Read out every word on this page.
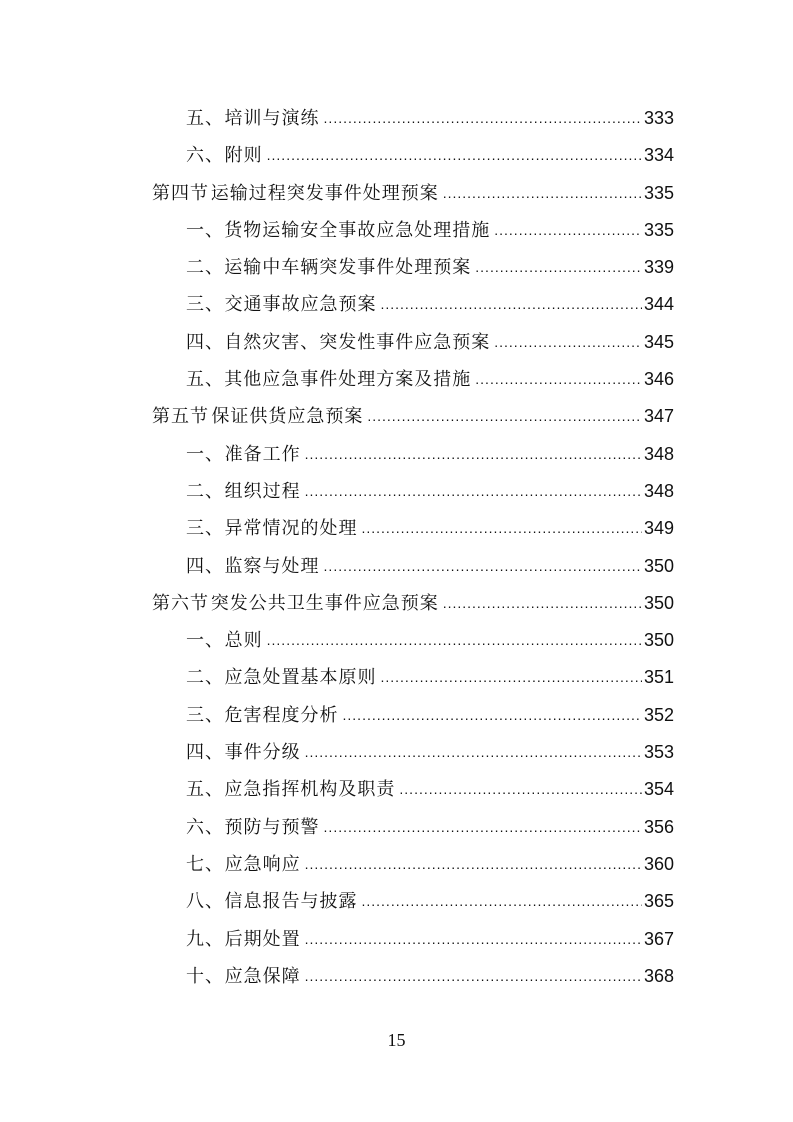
五、 培训与演练 .....	333
六、 附则 .....	334
第四节 运输过程突发事件处理预案 .....	335
一、 货物运输安全事故应急处理措施 .....	335
二、 运输中车辆突发事件处理预案 .....	339
三、 交通事故应急预案 .....	344
四、 自然灾害、突发性事件应急预案 .....	345
五、 其他应急事件处理方案及措施 .....	346
第五节 保证供货应急预案 .....	347
一、 准备工作 .....	348
二、 组织过程 .....	348
三、 异常情况的处理 .....	349
四、 监察与处理 .....	350
第六节 突发公共卫生事件应急预案 .....	350
一、 总则 .....	350
二、 应急处置基本原则 .....	351
三、 危害程度分析 .....	352
四、 事件分级 .....	353
五、 应急指挥机构及职责 .....	354
六、 预防与预警 .....	356
七、 应急响应 .....	360
八、 信息报告与披露 .....	365
九、 后期处置 .....	367
十、 应急保障 .....	368
15
